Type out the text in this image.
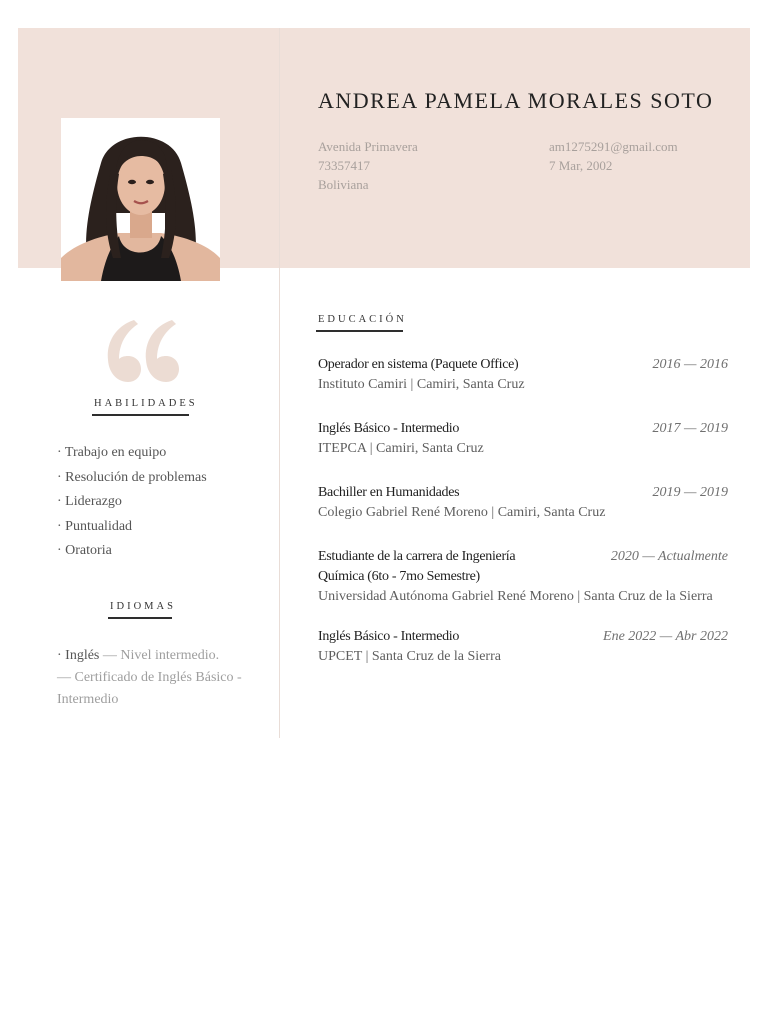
ANDREA PAMELA MORALES SOTO
Avenida Primavera
73357417
Boliviana
am1275291@gmail.com
7 Mar, 2002
HABILIDADES
· Trabajo en equipo
· Resolución de problemas
· Liderazgo
· Puntualidad
· Oratoria
IDIOMAS
· Inglés — Nivel intermedio.
— Certificado de Inglés Básico - Intermedio
EDUCACIÓN
Operador en sistema (Paquete Office)
Instituto Camiri | Camiri, Santa Cruz
2016 — 2016
Inglés Básico - Intermedio
ITEPCA | Camiri, Santa Cruz
2017 — 2019
Bachiller en Humanidades
Colegio Gabriel René Moreno | Camiri, Santa Cruz
2019 — 2019
Estudiante de la carrera de Ingeniería Química (6to - 7mo Semestre)
Universidad Autónoma Gabriel René Moreno | Santa Cruz de la Sierra
2020 — Actualmente
Inglés Básico - Intermedio
UPCET | Santa Cruz de la Sierra
Ene 2022 — Abr 2022
